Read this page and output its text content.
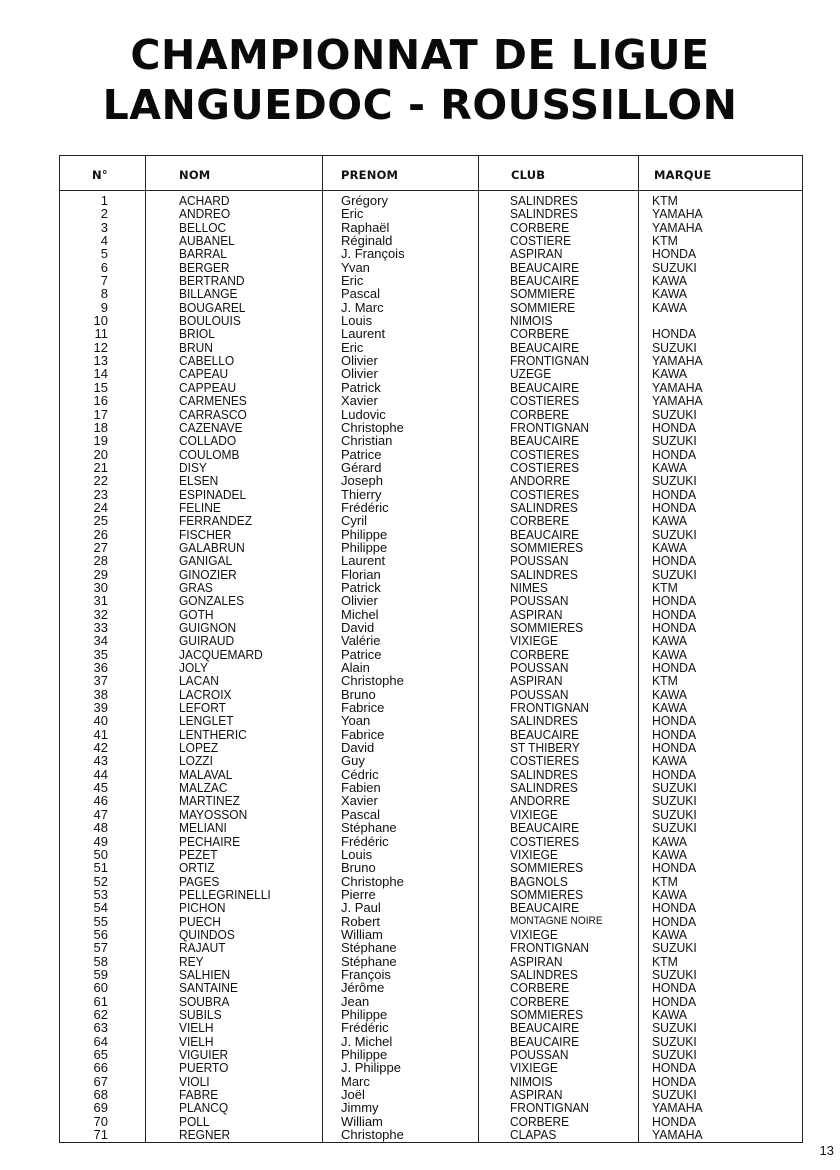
CHAMPIONNAT DE LIGUE
LANGUEDOC - ROUSSILLON
N°	NOM	PRENOM	CLUB	MARQUE
1	ACHARD	Grégory	SALINDRES	KTM
2	ANDREO	Eric	SALINDRES	YAMAHA
3	BELLOC	Raphaël	CORBERE	YAMAHA
4	AUBANEL	Réginald	COSTIERE	KTM
5	BARRAL	J. François	ASPIRAN	HONDA
6	BERGER	Yvan	BEAUCAIRE	SUZUKI
7	BERTRAND	Eric	BEAUCAIRE	KAWA
8	BILLANGE	Pascal	SOMMIERE	KAWA
9	BOUGAREL	J. Marc	SOMMIERE	KAWA
10	BOULOUIS	Louis	NIMOIS
11	BRIOL	Laurent	CORBERE	HONDA
12	BRUN	Eric	BEAUCAIRE	SUZUKI
13	CABELLO	Olivier	FRONTIGNAN	YAMAHA
14	CAPEAU	Olivier	UZEGE	KAWA
15	CAPPEAU	Patrick	BEAUCAIRE	YAMAHA
16	CARMENES	Xavier	COSTIERES	YAMAHA
17	CARRASCO	Ludovic	CORBERE	SUZUKI
18	CAZENAVE	Christophe	FRONTIGNAN	HONDA
19	COLLADO	Christian	BEAUCAIRE	SUZUKI
20	COULOMB	Patrice	COSTIERES	HONDA
21	DISY	Gérard	COSTIERES	KAWA
22	ELSEN	Joseph	ANDORRE	SUZUKI
23	ESPINADEL	Thierry	COSTIERES	HONDA
24	FELINE	Frédéric	SALINDRES	HONDA
25	FERRANDEZ	Cyril	CORBERE	KAWA
26	FISCHER	Philippe	BEAUCAIRE	SUZUKI
27	GALABRUN	Philippe	SOMMIERES	KAWA
28	GANIGAL	Laurent	POUSSAN	HONDA
29	GINOZIER	Florian	SALINDRES	SUZUKI
30	GRAS	Patrick	NIMES	KTM
31	GONZALES	Olivier	POUSSAN	HONDA
32	GOTH	Michel	ASPIRAN	HONDA
33	GUIGNON	David	SOMMIERES	HONDA
34	GUIRAUD	Valérie	VIXIEGE	KAWA
35	JACQUEMARD	Patrice	CORBERE	KAWA
36	JOLY	Alain	POUSSAN	HONDA
37	LACAN	Christophe	ASPIRAN	KTM
38	LACROIX	Bruno	POUSSAN	KAWA
39	LEFORT	Fabrice	FRONTIGNAN	KAWA
40	LENGLET	Yoan	SALINDRES	HONDA
41	LENTHERIC	Fabrice	BEAUCAIRE	HONDA
42	LOPEZ	David	ST THIBERY	HONDA
43	LOZZI	Guy	COSTIERES	KAWA
44	MALAVAL	Cédric	SALINDRES	HONDA
45	MALZAC	Fabien	SALINDRES	SUZUKI
46	MARTINEZ	Xavier	ANDORRE	SUZUKI
47	MAYOSSON	Pascal	VIXIEGE	SUZUKI
48	MELIANI	Stéphane	BEAUCAIRE	SUZUKI
49	PECHAIRE	Frédéric	COSTIERES	KAWA
50	PEZET	Louis	VIXIEGE	KAWA
51	ORTIZ	Bruno	SOMMIERES	HONDA
52	PAGES	Christophe	BAGNOLS	KTM
53	PELLEGRINELLI	Pierre	SOMMIERES	KAWA
54	PICHON	J. Paul	BEAUCAIRE	HONDA
55	PUECH	Robert	MONTAGNE NOIRE	HONDA
56	QUINDOS	William	VIXIEGE	KAWA
57	RAJAUT	Stéphane	FRONTIGNAN	SUZUKI
58	REY	Stéphane	ASPIRAN	KTM
59	SALHIEN	François	SALINDRES	SUZUKI
60	SANTAINE	Jérôme	CORBERE	HONDA
61	SOUBRA	Jean	CORBERE	HONDA
62	SUBILS	Philippe	SOMMIERES	KAWA
63	VIELH	Frédéric	BEAUCAIRE	SUZUKI
64	VIELH	J. Michel	BEAUCAIRE	SUZUKI
65	VIGUIER	Philippe	POUSSAN	SUZUKI
66	PUERTO	J. Philippe	VIXIEGE	HONDA
67	VIOLI	Marc	NIMOIS	HONDA
68	FABRE	Joël	ASPIRAN	SUZUKI
69	PLANCQ	Jimmy	FRONTIGNAN	YAMAHA
70	POLL	William	CORBERE	HONDA
71	REGNER	Christophe	CLAPAS	YAMAHA
13
